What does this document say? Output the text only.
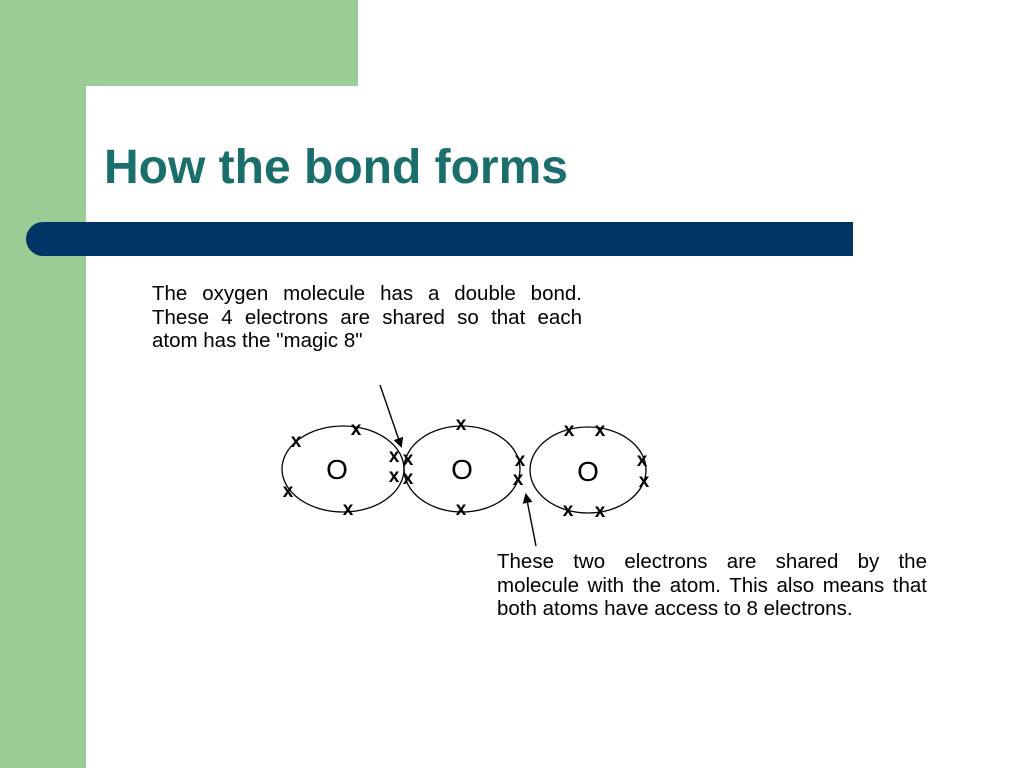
How the bond forms

The oxygen molecule has a double bond. These 4 electrons are shared so that each atom has the "magic 8"

These two electrons are shared by the molecule with the atom. This also means that both atoms have access to 8 electrons.

O	O	O
x
x
x
x
x x
x x
x
x
x
x
x x
x
x
x x
